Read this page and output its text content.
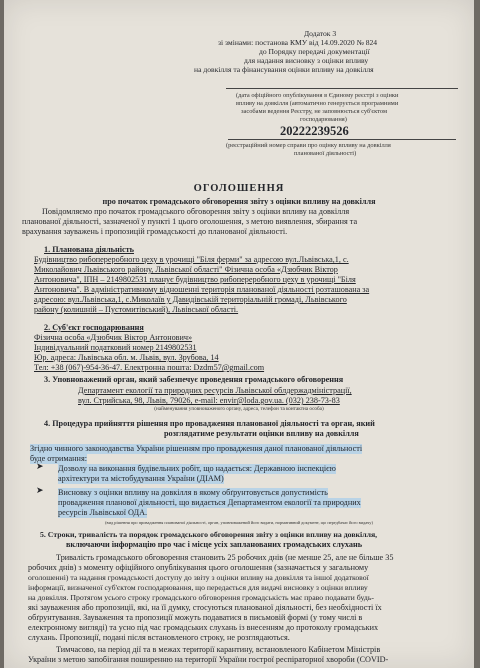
Додаток 3
зі змінами: постанова КМУ від 14.09.2020 № 824
до Порядку передачі документації
для надання висновку з оцінки впливу
на довкілля та фінансування оцінки впливу на довкілля
(дата офіційного опублікування в Єдиному реєстрі з оцінки
впливу на довкілля (автоматично генерується програмними
засобами ведення Реєстру, не заповнюється суб'єктом
господарювання)
20222239526
(реєстраційний номер справи про оцінку впливу на довкілля
планованої діяльності)
ОГОЛОШЕННЯ
про початок громадського обговорення звіту з оцінки впливу на довкілля
Повідомляємо про початок громадського обговорення звіту з оцінки впливу на довкілля
планованої діяльності, зазначеної у пункті 1 цього оголошення, з метою виявлення, збирання та
врахування зауважень і пропозицій громадськості до планованої діяльності.
1. Планована діяльність
Будівництво рибопереробного цеху в урочищі "Біля ферми" за адресою вул.Львівська,1, с.
Миколайович Львівського району, Львівської області" Фізична особа «Дзюбчик Віктор
Антоновича", ІПН – 2149802531 планує будівництво рибопереробного цеху в урочищі "Біля
Антоновича". В адміністративному відношенні територія планованої діяльності розташована за
адресою: вул.Львівська,1, с.Миколаїв у Давидівській територіальній громаді, Львівського
району (колишній – Пустомитівський), Львівської області.
2. Суб'єкт господарювання
Фізична особа «Дзюбчик Віктор Антонович»
Індивідуальний податковий номер 2149802531
Юр. адреса: Львівська обл. м. Львів, вул. Зрубова, 14
Тел: +38 (067)-954-36-47. Електронна пошта: Dzdm57@gmail.com
3. Уповноважений орган, який забезпечує проведення громадського обговорення
Департамент екології та природних ресурсів Львівської облдержадміністрації,
вул. Стрийська, 98, Львів, 79026, e-mail: envir@loda.gov.ua. (032) 238-73-83
(найменування уповноваженого органу, адреса, телефон та контактна особа)
4. Процедура прийняття рішення про провадження планованої діяльності та орган, який
розглядатиме результати оцінки впливу на довкілля
Згідно чинного законодавства України рішенням про провадження даної планованої діяльності
буде отримання:
➤ Дозволу на виконання будівельних робіт, що надається: Державною інспекцією
архітектури та містобудування України (ДІАМ)
➤ Висновку з оцінки впливу на довкілля в якому обґрунтовується допустимість
провадження планової діяльності, що видається Департаментом екології та природних
ресурсів Львівської ОДА.
(вид рішення про провадження планованої діяльності, орган, уповноважений його видати, нормативний документ, що передбачає його видачу)
5. Строки, тривалість та порядок громадського обговорення звіту з оцінки впливу на довкілля,
включаючи інформацію про час і місце усіх запланованих громадських слухань
Тривалість громадського обговорення становить 25 робочих днів (не менше 25, але не більше 35
робочих днів) з моменту офіційного опублікування цього оголошення (зазначається у загальному
оголошенні) та надання громадськості доступу до звіту з оцінки впливу на довкілля та іншої додаткової
інформації, визначеної суб'єктом господарювання, що передається для видачі висновку з оцінки впливу
на довкілля. Протягом усього строку громадського обговорення громадськість має право подавати будь-
які зауваження або пропозиції, які, на її думку, стосуються планованої діяльності, без необхідності їх
обґрунтування. Зауваження та пропозиції можуть подаватися в письмовій формі (у тому числі в
електронному вигляді) та усно під час громадських слухань із внесенням до протоколу громадських
слухань. Пропозиції, подані після встановленого строку, не розглядаються.
Тимчасово, на період дії та в межах території карантину, встановленого Кабінетом Міністрів
України з метою запобігання поширенню на території України гострої респіраторної хвороби (COVID-
